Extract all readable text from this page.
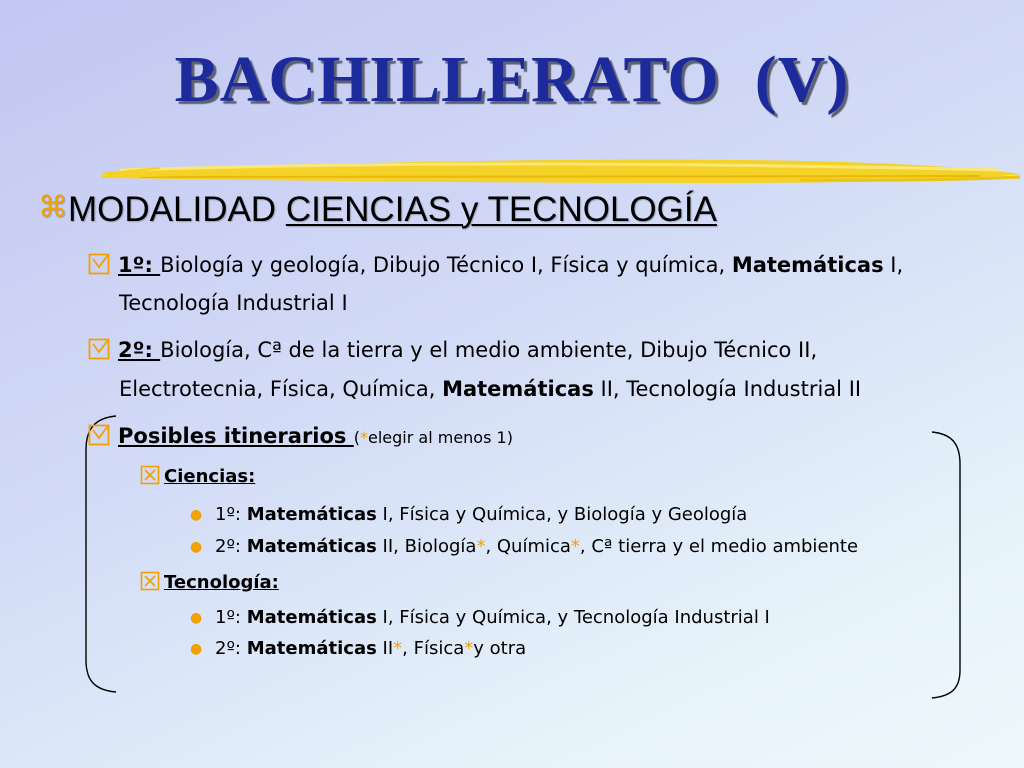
BACHILLERATO  (V)
⌘MODALIDAD CIENCIAS y TECNOLOGÍA
1º: Biología y geología, Dibujo Técnico I, Física y química, Matemáticas I,
Tecnología Industrial I
2º: Biología, Cª de la tierra y el medio ambiente, Dibujo Técnico II,
Electrotecnia, Física, Química, Matemáticas II, Tecnología Industrial II
Posibles itinerarios (*elegir al menos 1)
Ciencias:
● 1º: Matemáticas I, Física y Química, y Biología y Geología
● 2º: Matemáticas II, Biología*, Química*, Cª tierra y el medio ambiente
Tecnología:
● 1º: Matemáticas I, Física y Química, y Tecnología Industrial I
● 2º: Matemáticas II*, Física*y otra
